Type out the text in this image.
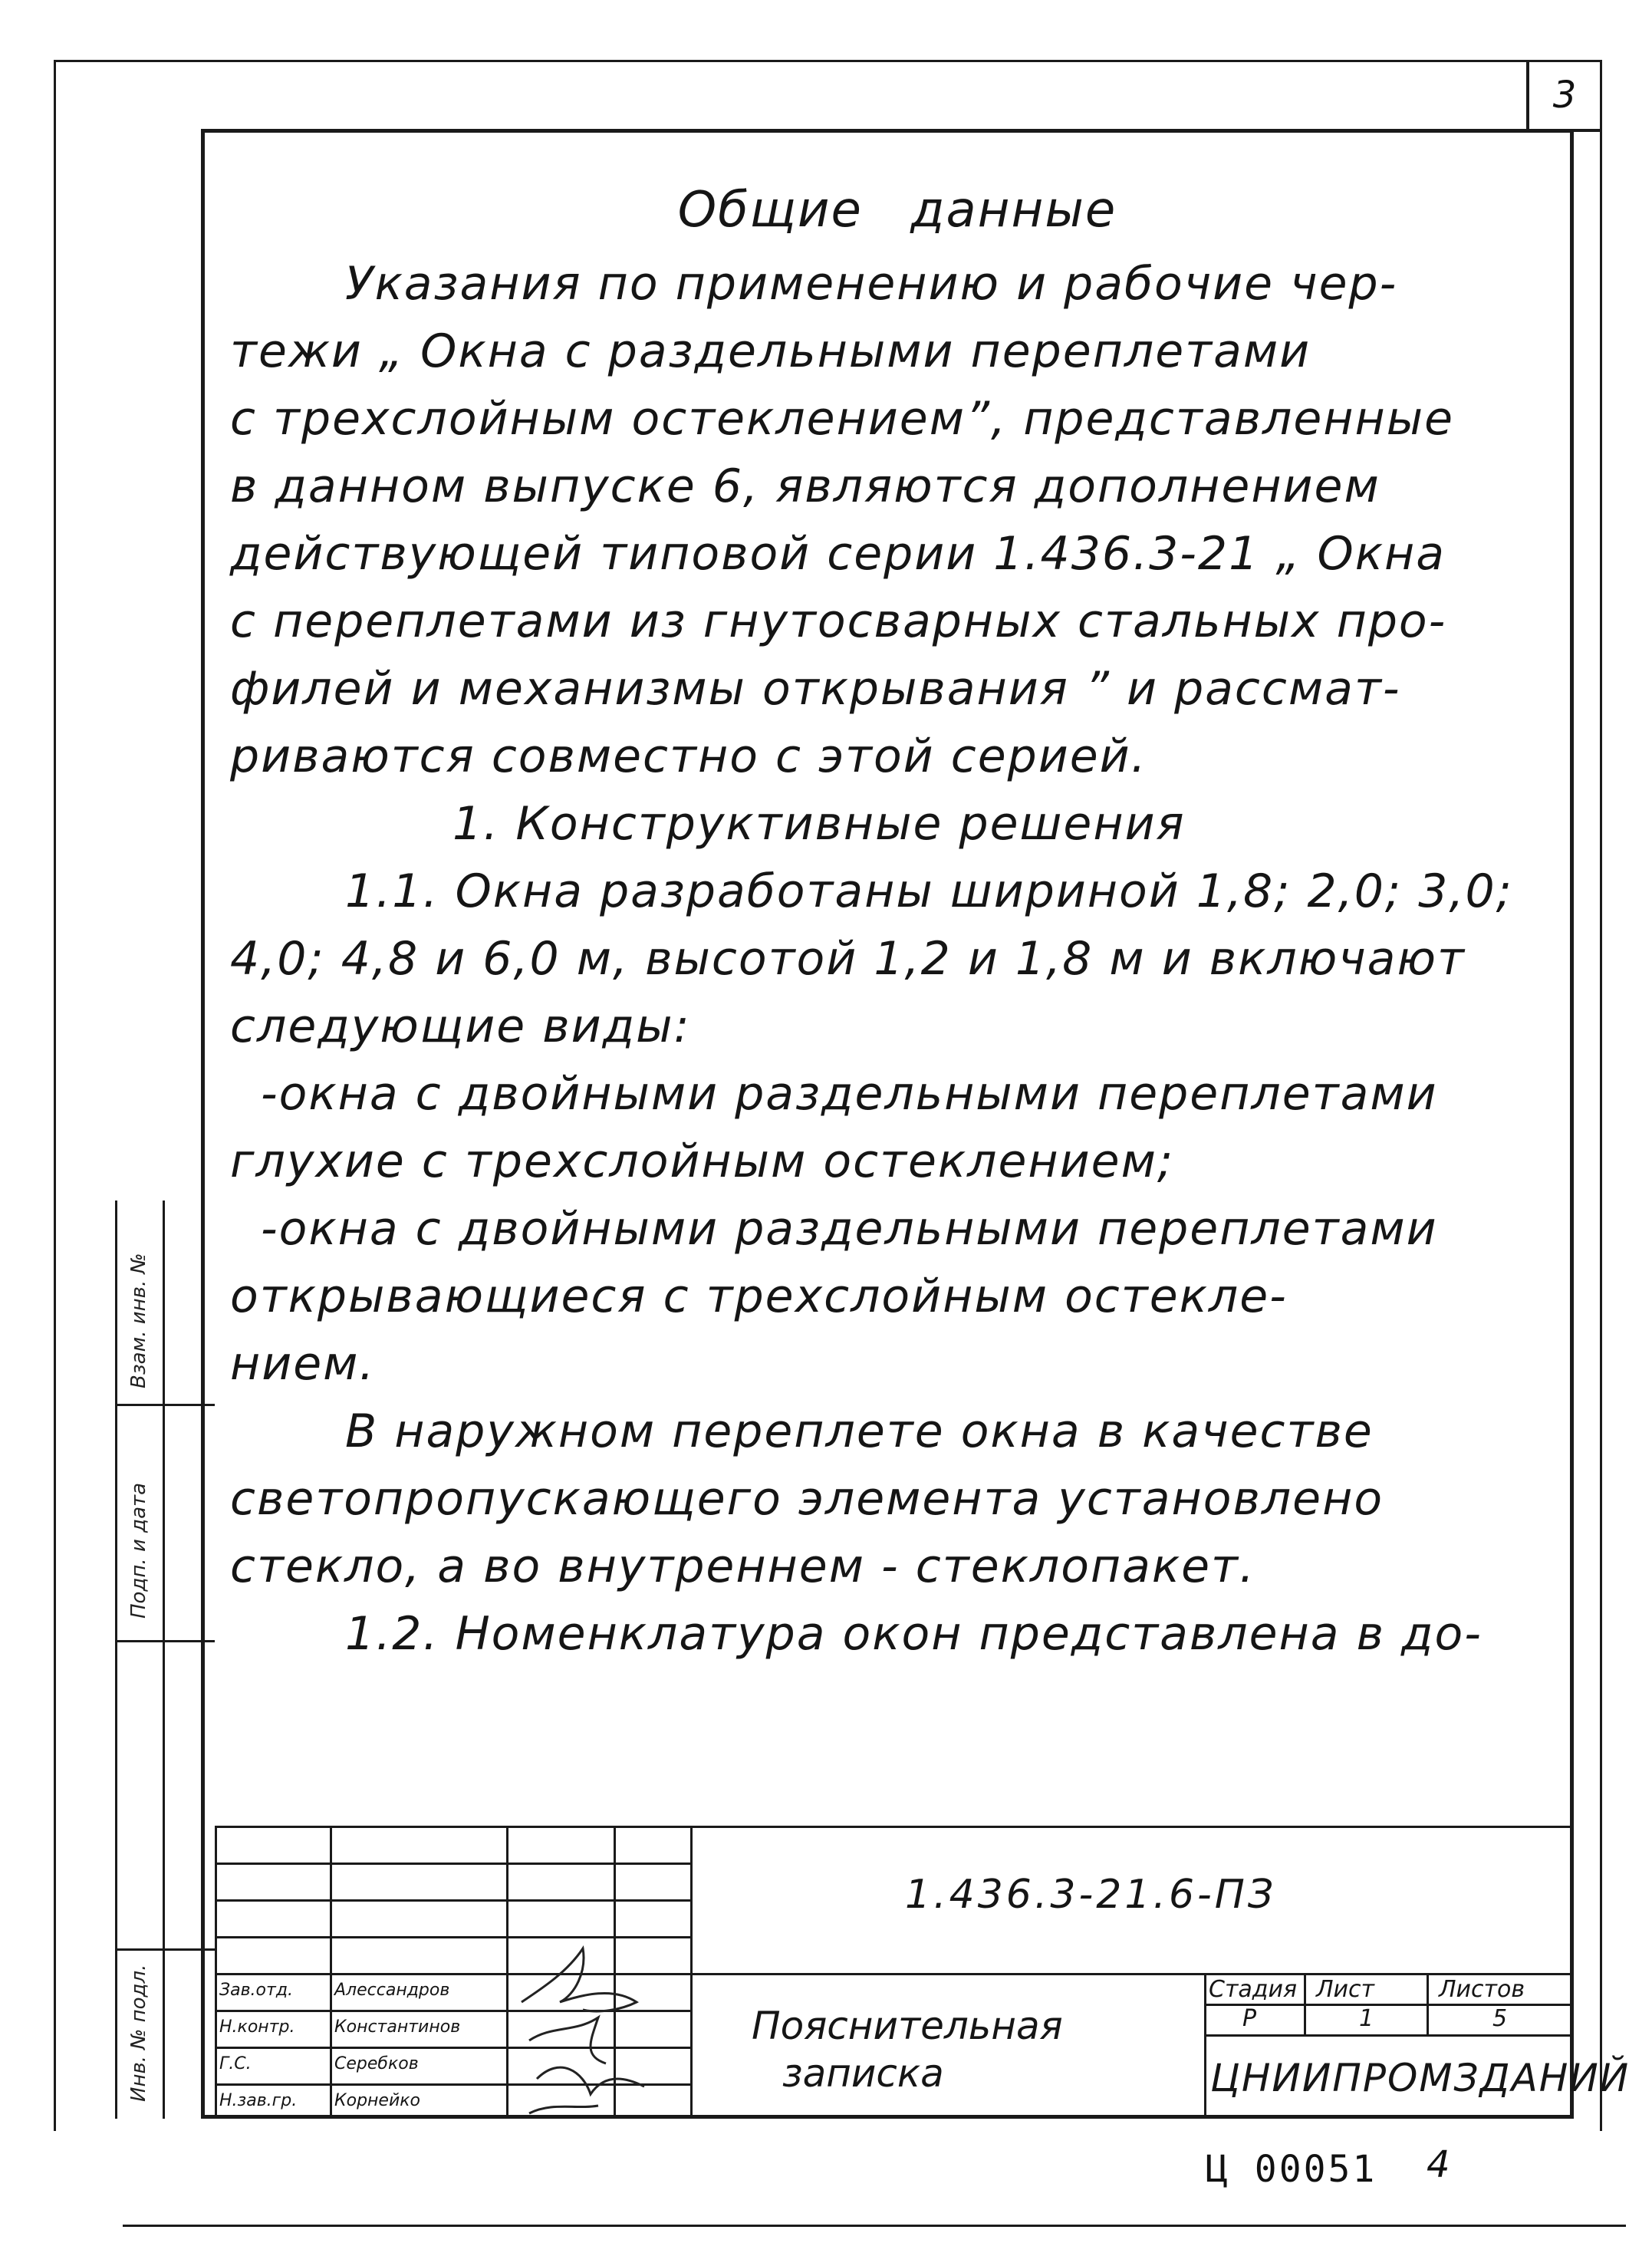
3
Общие данные
Указания по применению и рабочие чер-
тежи „ Окна с раздельными переплетами
с трехслойным остеклением”, представленные
в данном выпуске 6, являются дополнением
действующей типовой серии 1.436.3-21 „ Окна
с переплетами из гнутосварных стальных про-
филей и механизмы открывания ” и рассмат-
риваются совместно с этой серией.
1. Конструктивные решения
1.1. Окна разработаны шириной 1,8; 2,0; 3,0;
4,0; 4,8 и 6,0 м, высотой 1,2 и 1,8 м и включают
следующие виды:
-окна с двойными раздельными переплетами
глухие с трехслойным остеклением;
-окна с двойными раздельными переплетами
открывающиеся с трехслойным остекле-
нием.
В наружном переплете окна в качестве
светопропускающего элемента установлено
стекло, а во внутреннем - стеклопакет.
1.2. Номенклатура окон представлена в до-
Взам. инв. №
Подп. и дата
Инв. № подл.
1.436.3-21.6-ПЗ
Пояснительная
записка
Стадия Лист	Листов
Р	1	5
ЦНИИПРОМЗДАНИЙ
Зав.отд. Алессандров
Н.контр. Константинов
Г.С.	Серебков
Н.зав.гр. Корнейко
Ц 00051 4
